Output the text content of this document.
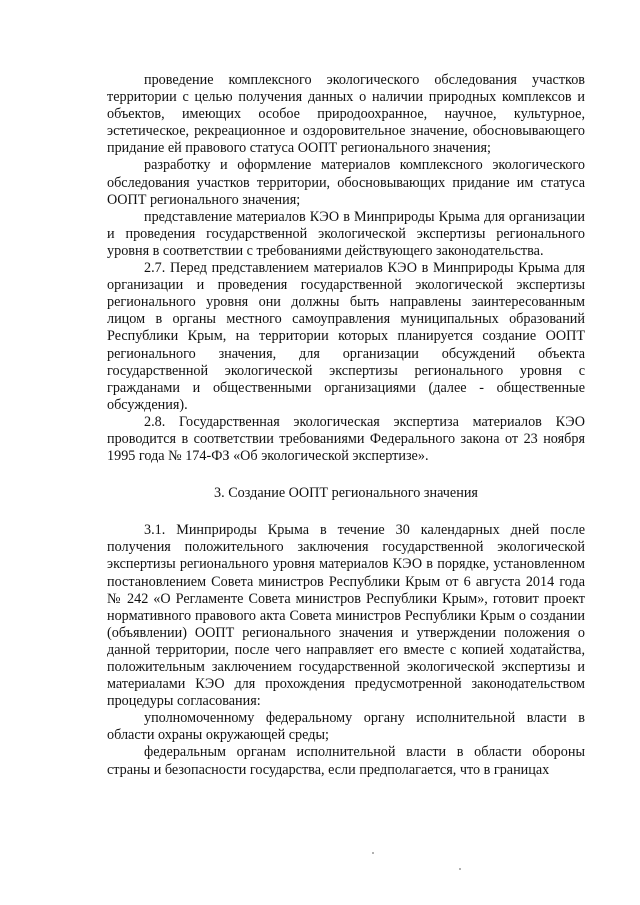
проведение комплексного экологического обследования участков территории с целью получения данных о наличии природных комплексов и объектов, имеющих особое природоохранное, научное, культурное, эстетическое, рекреационное и оздоровительное значение, обосновывающего придание ей правового статуса ООПТ регионального значения;

разработку и оформление материалов комплексного экологического обследования участков территории, обосновывающих придание им статуса ООПТ регионального значения;

представление материалов КЭО в Минприроды Крыма для организации и проведения государственной экологической экспертизы регионального уровня в соответствии с требованиями действующего законодательства.

2.7. Перед представлением материалов КЭО в Минприроды Крыма для организации и проведения государственной экологической экспертизы регионального уровня они должны быть направлены заинтересованным лицом в органы местного самоуправления муниципальных образований Республики Крым, на территории которых планируется создание ООПТ регионального значения, для организации обсуждений объекта государственной экологической экспертизы регионального уровня с гражданами и общественными организациями (далее - общественные обсуждения).

2.8. Государственная экологическая экспертиза материалов КЭО проводится в соответствии требованиями Федерального закона от 23 ноября 1995 года № 174-ФЗ «Об экологической экспертизе».

3. Создание ООПТ регионального значения

3.1. Минприроды Крыма в течение 30 календарных дней после получения положительного заключения государственной экологической экспертизы регионального уровня материалов КЭО в порядке, установленном постановлением Совета министров Республики Крым от 6 августа 2014 года № 242 «О Регламенте Совета министров Республики Крым», готовит проект нормативного правового акта Совета министров Республики Крым о создании (объявлении) ООПТ регионального значения и утверждении положения о данной территории, после чего направляет его вместе с копией ходатайства, положительным заключением государственной экологической экспертизы и материалами КЭО для прохождения предусмотренной законодательством процедуры согласования:

уполномоченному федеральному органу исполнительной власти в области охраны окружающей среды;

федеральным органам исполнительной власти в области обороны страны и безопасности государства, если предполагается, что в границах
